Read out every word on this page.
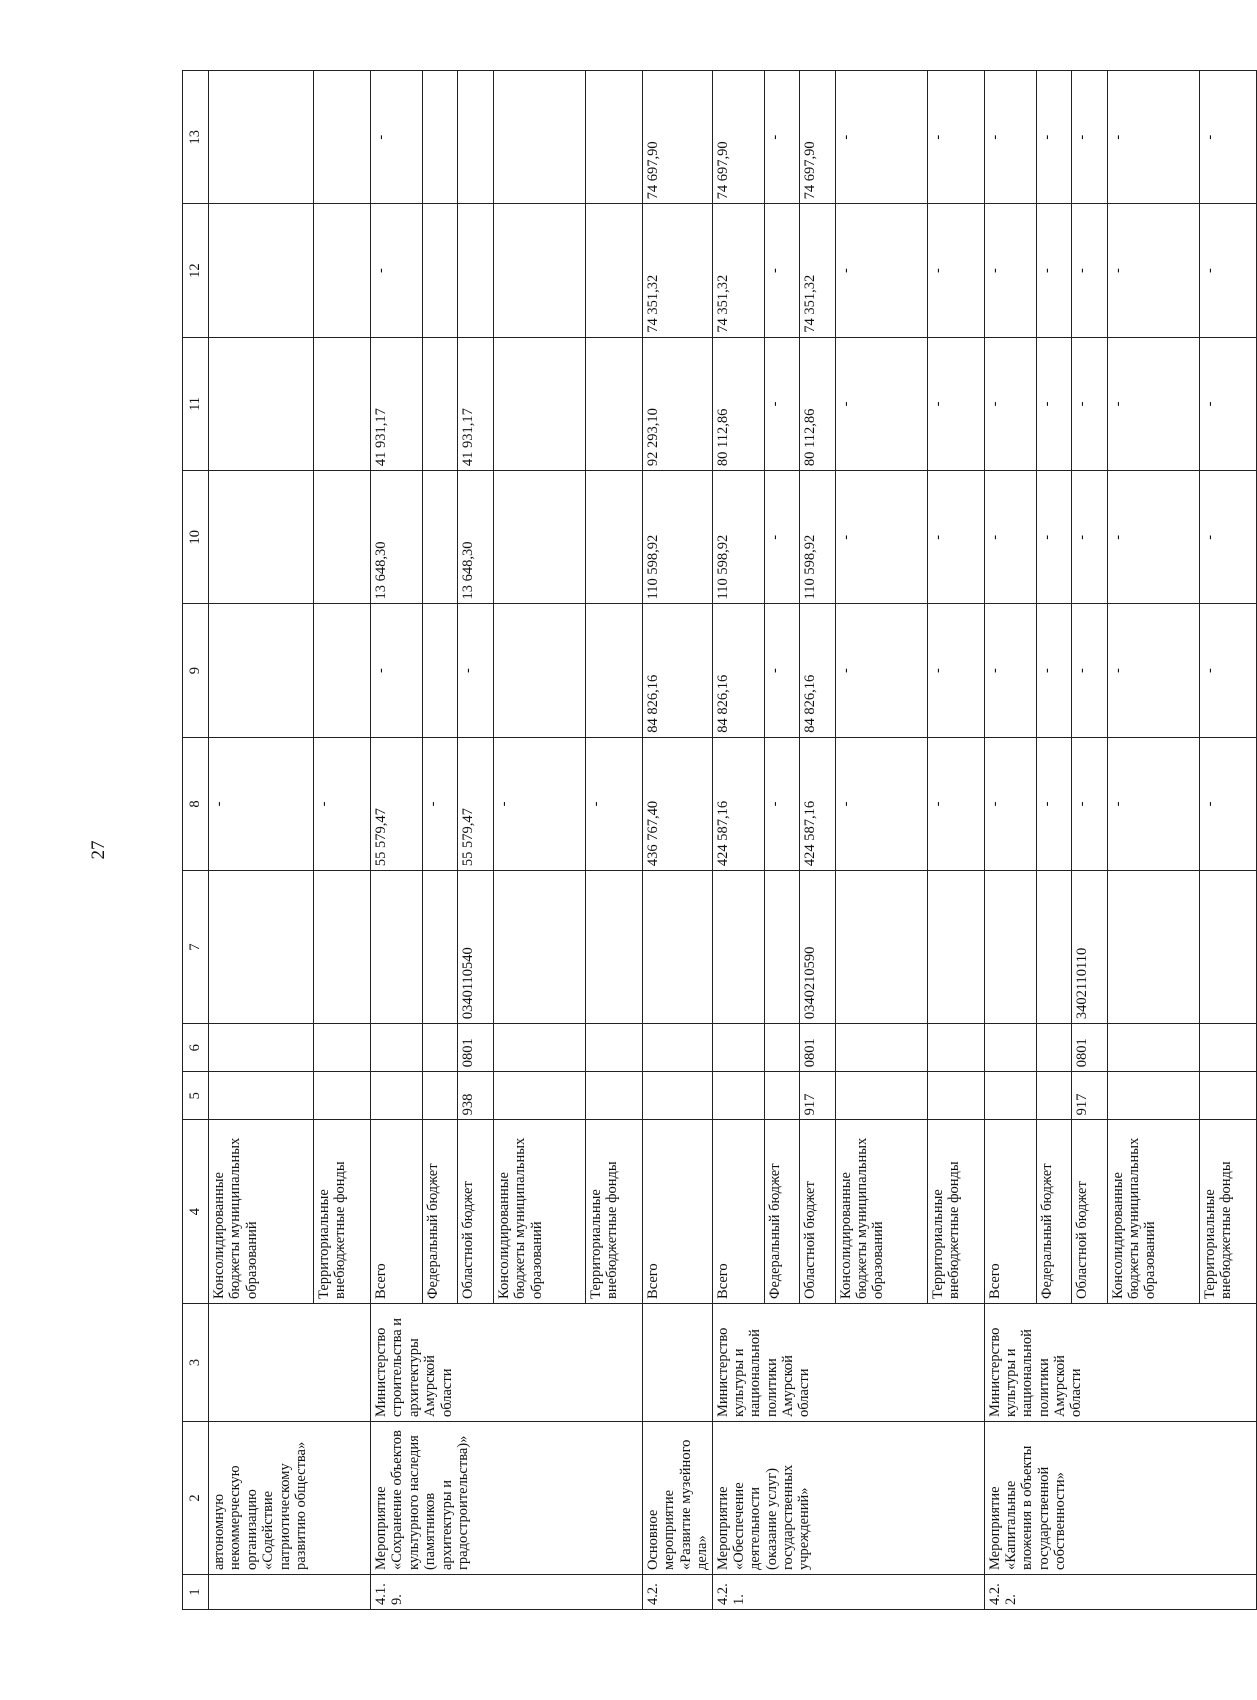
27
1	2	3	4	5	6	7	8	9	10	11	12	13
	автономную некоммерческую организацию «Содействие патриотическому развитию общества»		Консолидированные бюджеты муниципальных образований				-					
			Территориальные внебюджетные фонды				-					
4.1.9.	Мероприятие «Сохранение объектов культурного наследия (памятников архитектуры и градостроительства)»	Министерство строительства и архитектуры Амурской области	Всего				55 579,47	-	13 648,30	41 931,17	-	-
			Федеральный бюджет				-					
			Областной бюджет	938	0801	0340110540	55 579,47	-	13 648,30	41 931,17		
			Консолидированные бюджеты муниципальных образований				-					
			Территориальные внебюджетные фонды				-					
4.2.	Основное мероприятие «Развитие музейного дела»		Всего				436 767,40	84 826,16	110 598,92	92 293,10	74 351,32	74 697,90
4.2.1.	Мероприятие «Обеспечение деятельности (оказание услуг) государственных учреждений»	Министерство культуры и национальной политики Амурской области	Всего				424 587,16	84 826,16	110 598,92	80 112,86	74 351,32	74 697,90
			Федеральный бюджет				-	-	-	-	-	-
			Областной бюджет	917	0801	0340210590	424 587,16	84 826,16	110 598,92	80 112,86	74 351,32	74 697,90
			Консолидированные бюджеты муниципальных образований				-	-	-	-	-	-
			Территориальные внебюджетные фонды				-	-	-	-	-	-
4.2.2.	Мероприятие «Капитальные вложения в объекты государственной собственности»	Министерство культуры и национальной политики Амурской области	Всего				-	-	-	-	-	-
			Федеральный бюджет				-	-	-	-	-	-
			Областной бюджет	917	0801	3402110110	-	-	-	-	-	-
			Консолидированные бюджеты муниципальных образований				-	-	-	-	-	-
			Территориальные внебюджетные фонды				-	-	-	-	-	-
